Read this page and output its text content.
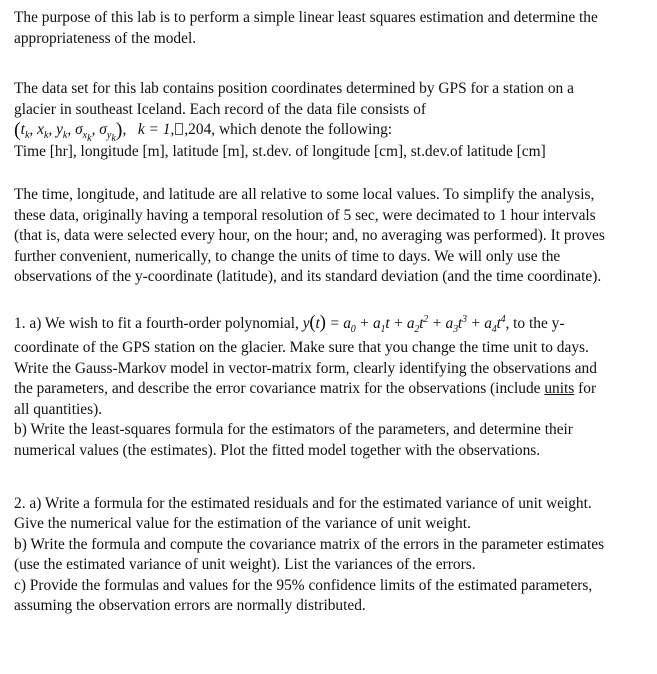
The purpose of this lab is to perform a simple linear least squares estimation and determine the
appropriateness of the model.
The data set for this lab contains position coordinates determined by GPS for a station on a
glacier in southeast Iceland. Each record of the data file consists of
($t_k$, $x_k$, $y_k$, $\sigma_{x_k}$, $\sigma_{y_k}$), k = 1, ,204, which denote the following:
Time [hr], longitude [m], latitude [m], st.dev. of longitude [cm], st.dev.of latitude [cm]
The time, longitude, and latitude are all relative to some local values. To simplify the analysis,
these data, originally having a temporal resolution of 5 sec, were decimated to 1 hour intervals
(that is, data were selected every hour, on the hour; and, no averaging was performed). It proves
further convenient, numerically, to change the units of time to days. We will only use the
observations of the y-coordinate (latitude), and its standard deviation (and the time coordinate).
1. a) We wish to fit a fourth-order polynomial, $y(t) = a_0 + a_1t + a_2t^2 + a_3t^3 + a_4t^4$, to the y-
coordinate of the GPS station on the glacier. Make sure that you change the time unit to days.
Write the Gauss-Markov model in vector-matrix form, clearly identifying the observations and
the parameters, and describe the error covariance matrix for the observations (include units for
all quantities).
b) Write the least-squares formula for the estimators of the parameters, and determine their
numerical values (the estimates). Plot the fitted model together with the observations.
2. a) Write a formula for the estimated residuals and for the estimated variance of unit weight.
Give the numerical value for the estimation of the variance of unit weight.
b) Write the formula and compute the covariance matrix of the errors in the parameter estimates
(use the estimated variance of unit weight). List the variances of the errors.
c) Provide the formulas and values for the 95% confidence limits of the estimated parameters,
assuming the observation errors are normally distributed.
